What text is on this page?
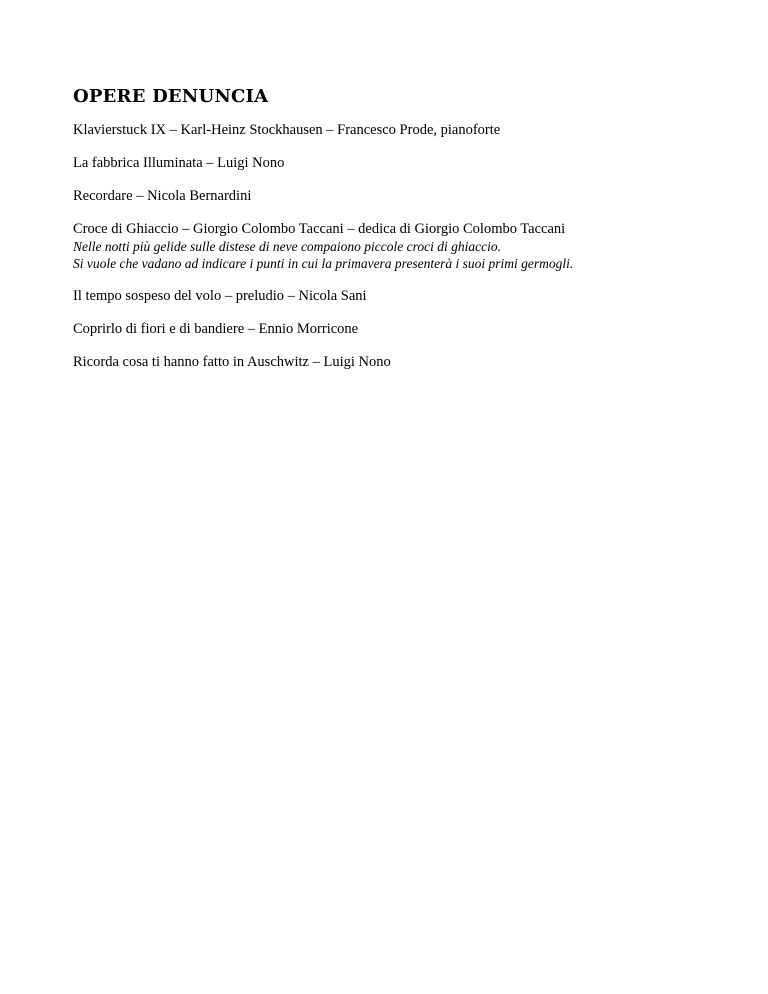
OPERE DENUNCIA
Klavierstuck IX – Karl-Heinz Stockhausen – Francesco Prode, pianoforte
La fabbrica Illuminata – Luigi Nono
Recordare – Nicola Bernardini
Croce di Ghiaccio – Giorgio Colombo Taccani – dedica di Giorgio Colombo Taccani
Nelle notti più gelide sulle distese di neve compaiono piccole croci di ghiaccio.
Si vuole che vadano ad indicare i punti in cui la primavera presenterà i suoi primi germogli.
Il tempo sospeso del volo – preludio – Nicola Sani
Coprirlo di fiori e di bandiere – Ennio Morricone
Ricorda cosa ti hanno fatto in Auschwitz – Luigi Nono
